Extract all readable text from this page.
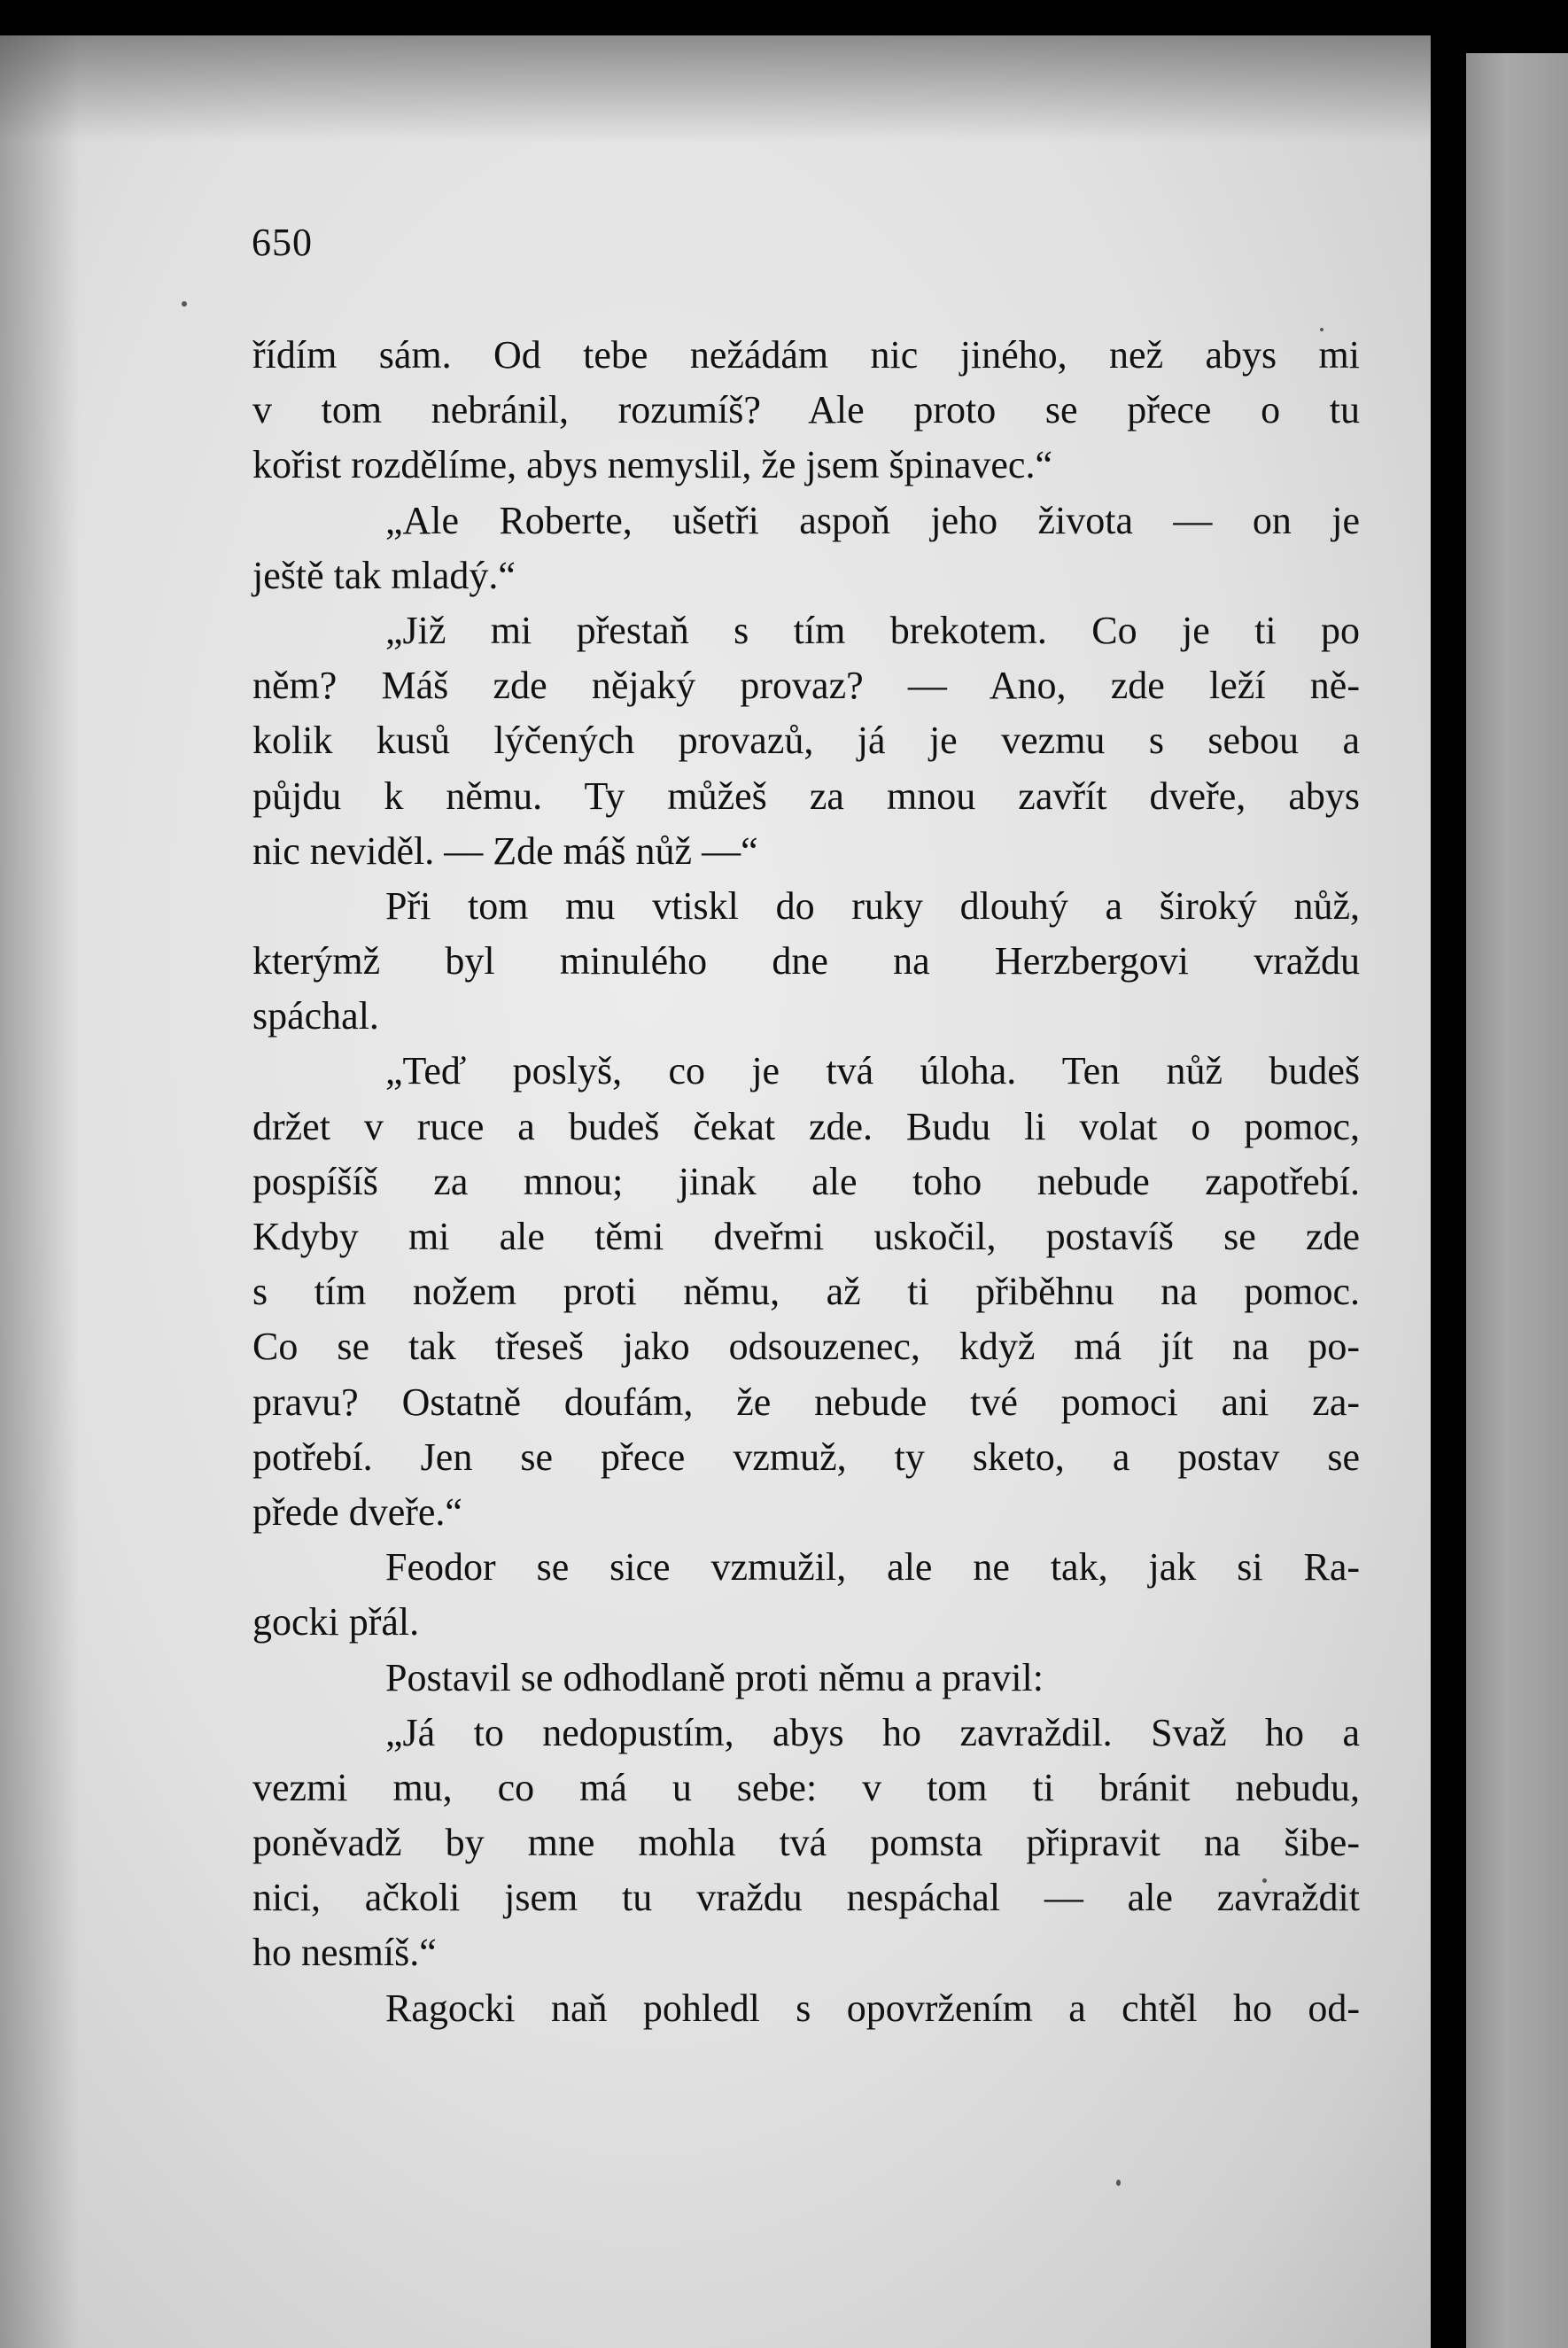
650
řídím sám. Od tebe nežádám nic jiného, než abys mi
v tom nebránil, rozumíš? Ale proto se přece o tu
kořist rozdělíme, abys nemyslil, že jsem špinavec.“
„Ale Roberte, ušetři aspoň jeho života — on je
ještě tak mladý.“
„Již mi přestaň s tím brekotem. Co je ti po
něm? Máš zde nějaký provaz? — Ano, zde leží ně-
kolik kusů lýčených provazů, já je vezmu s sebou a
půjdu k němu. Ty můžeš za mnou zavřít dveře, abys
nic neviděl. — Zde máš nůž —“
Při tom mu vtiskl do ruky dlouhý a široký nůž,
kterýmž byl minulého dne na Herzbergovi vraždu
spáchal.
„Teď poslyš, co je tvá úloha. Ten nůž budeš
držet v ruce a budeš čekat zde. Budu li volat o pomoc,
pospíšíš za mnou; jinak ale toho nebude zapotřebí.
Kdyby mi ale těmi dveřmi uskočil, postavíš se zde
s tím nožem proti němu, až ti přiběhnu na pomoc.
Co se tak třeseš jako odsouzenec, když má jít na po-
pravu? Ostatně doufám, že nebude tvé pomoci ani za-
potřebí. Jen se přece vzmuž, ty sketo, a postav se
přede dveře.“
Feodor se sice vzmužil, ale ne tak, jak si Ra-
gocki přál.
Postavil se odhodlaně proti němu a pravil:
„Já to nedopustím, abys ho zavraždil. Svaž ho a
vezmi mu, co má u sebe: v tom ti bránit nebudu,
poněvadž by mne mohla tvá pomsta připravit na šibe-
nici, ačkoli jsem tu vraždu nespáchal — ale zavraždit
ho nesmíš.“
Ragocki naň pohledl s opovržením a chtěl ho od-
